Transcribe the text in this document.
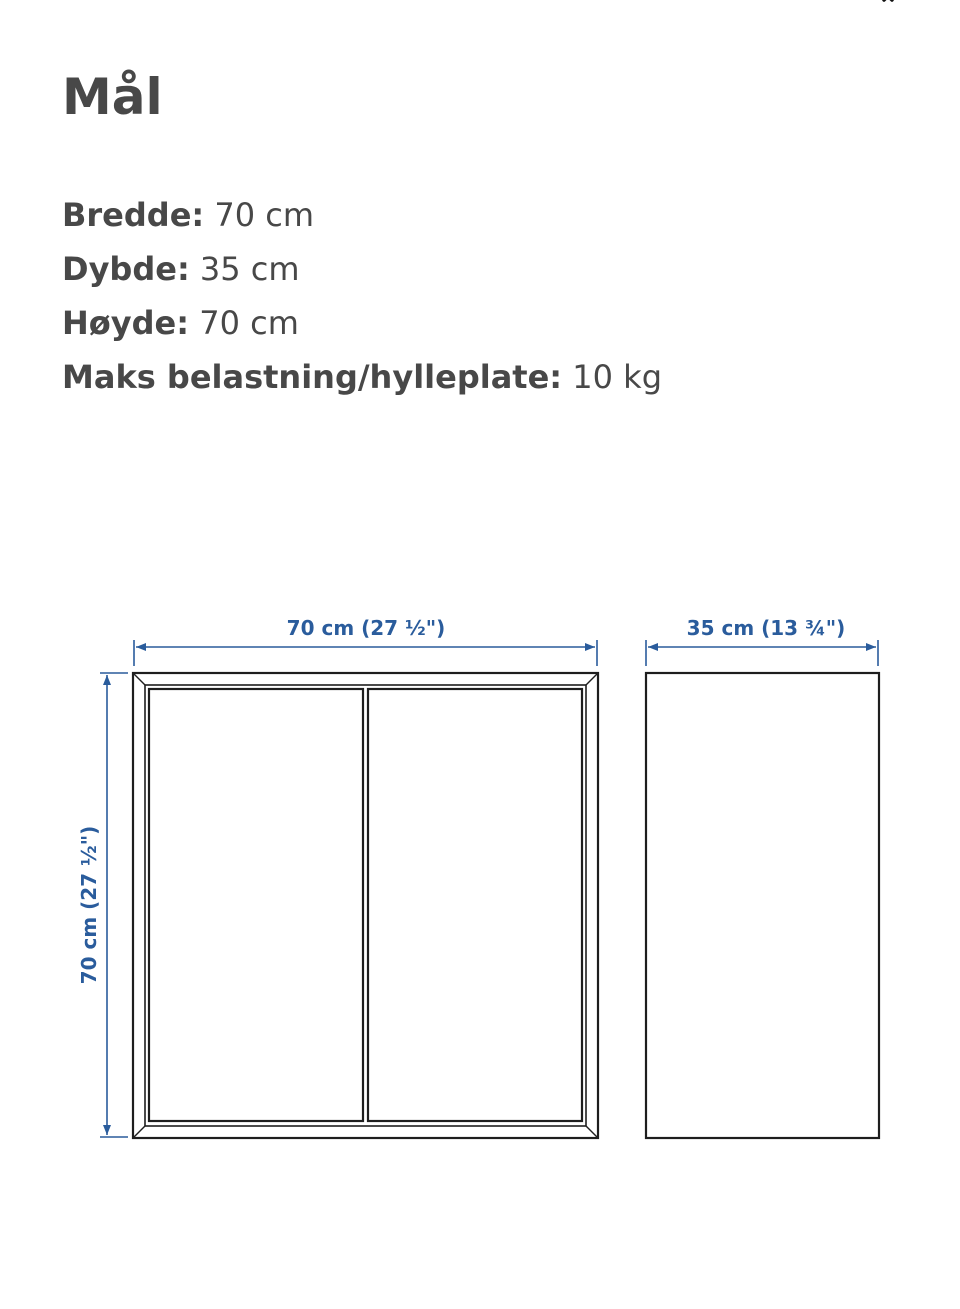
Mål
Bredde: 70 cm
Dybde: 35 cm
Høyde: 70 cm
Maks belastning/hylleplate: 10 kg
70 cm (27 ½")	35 cm (13 ¾")
70 cm (27 ½")
